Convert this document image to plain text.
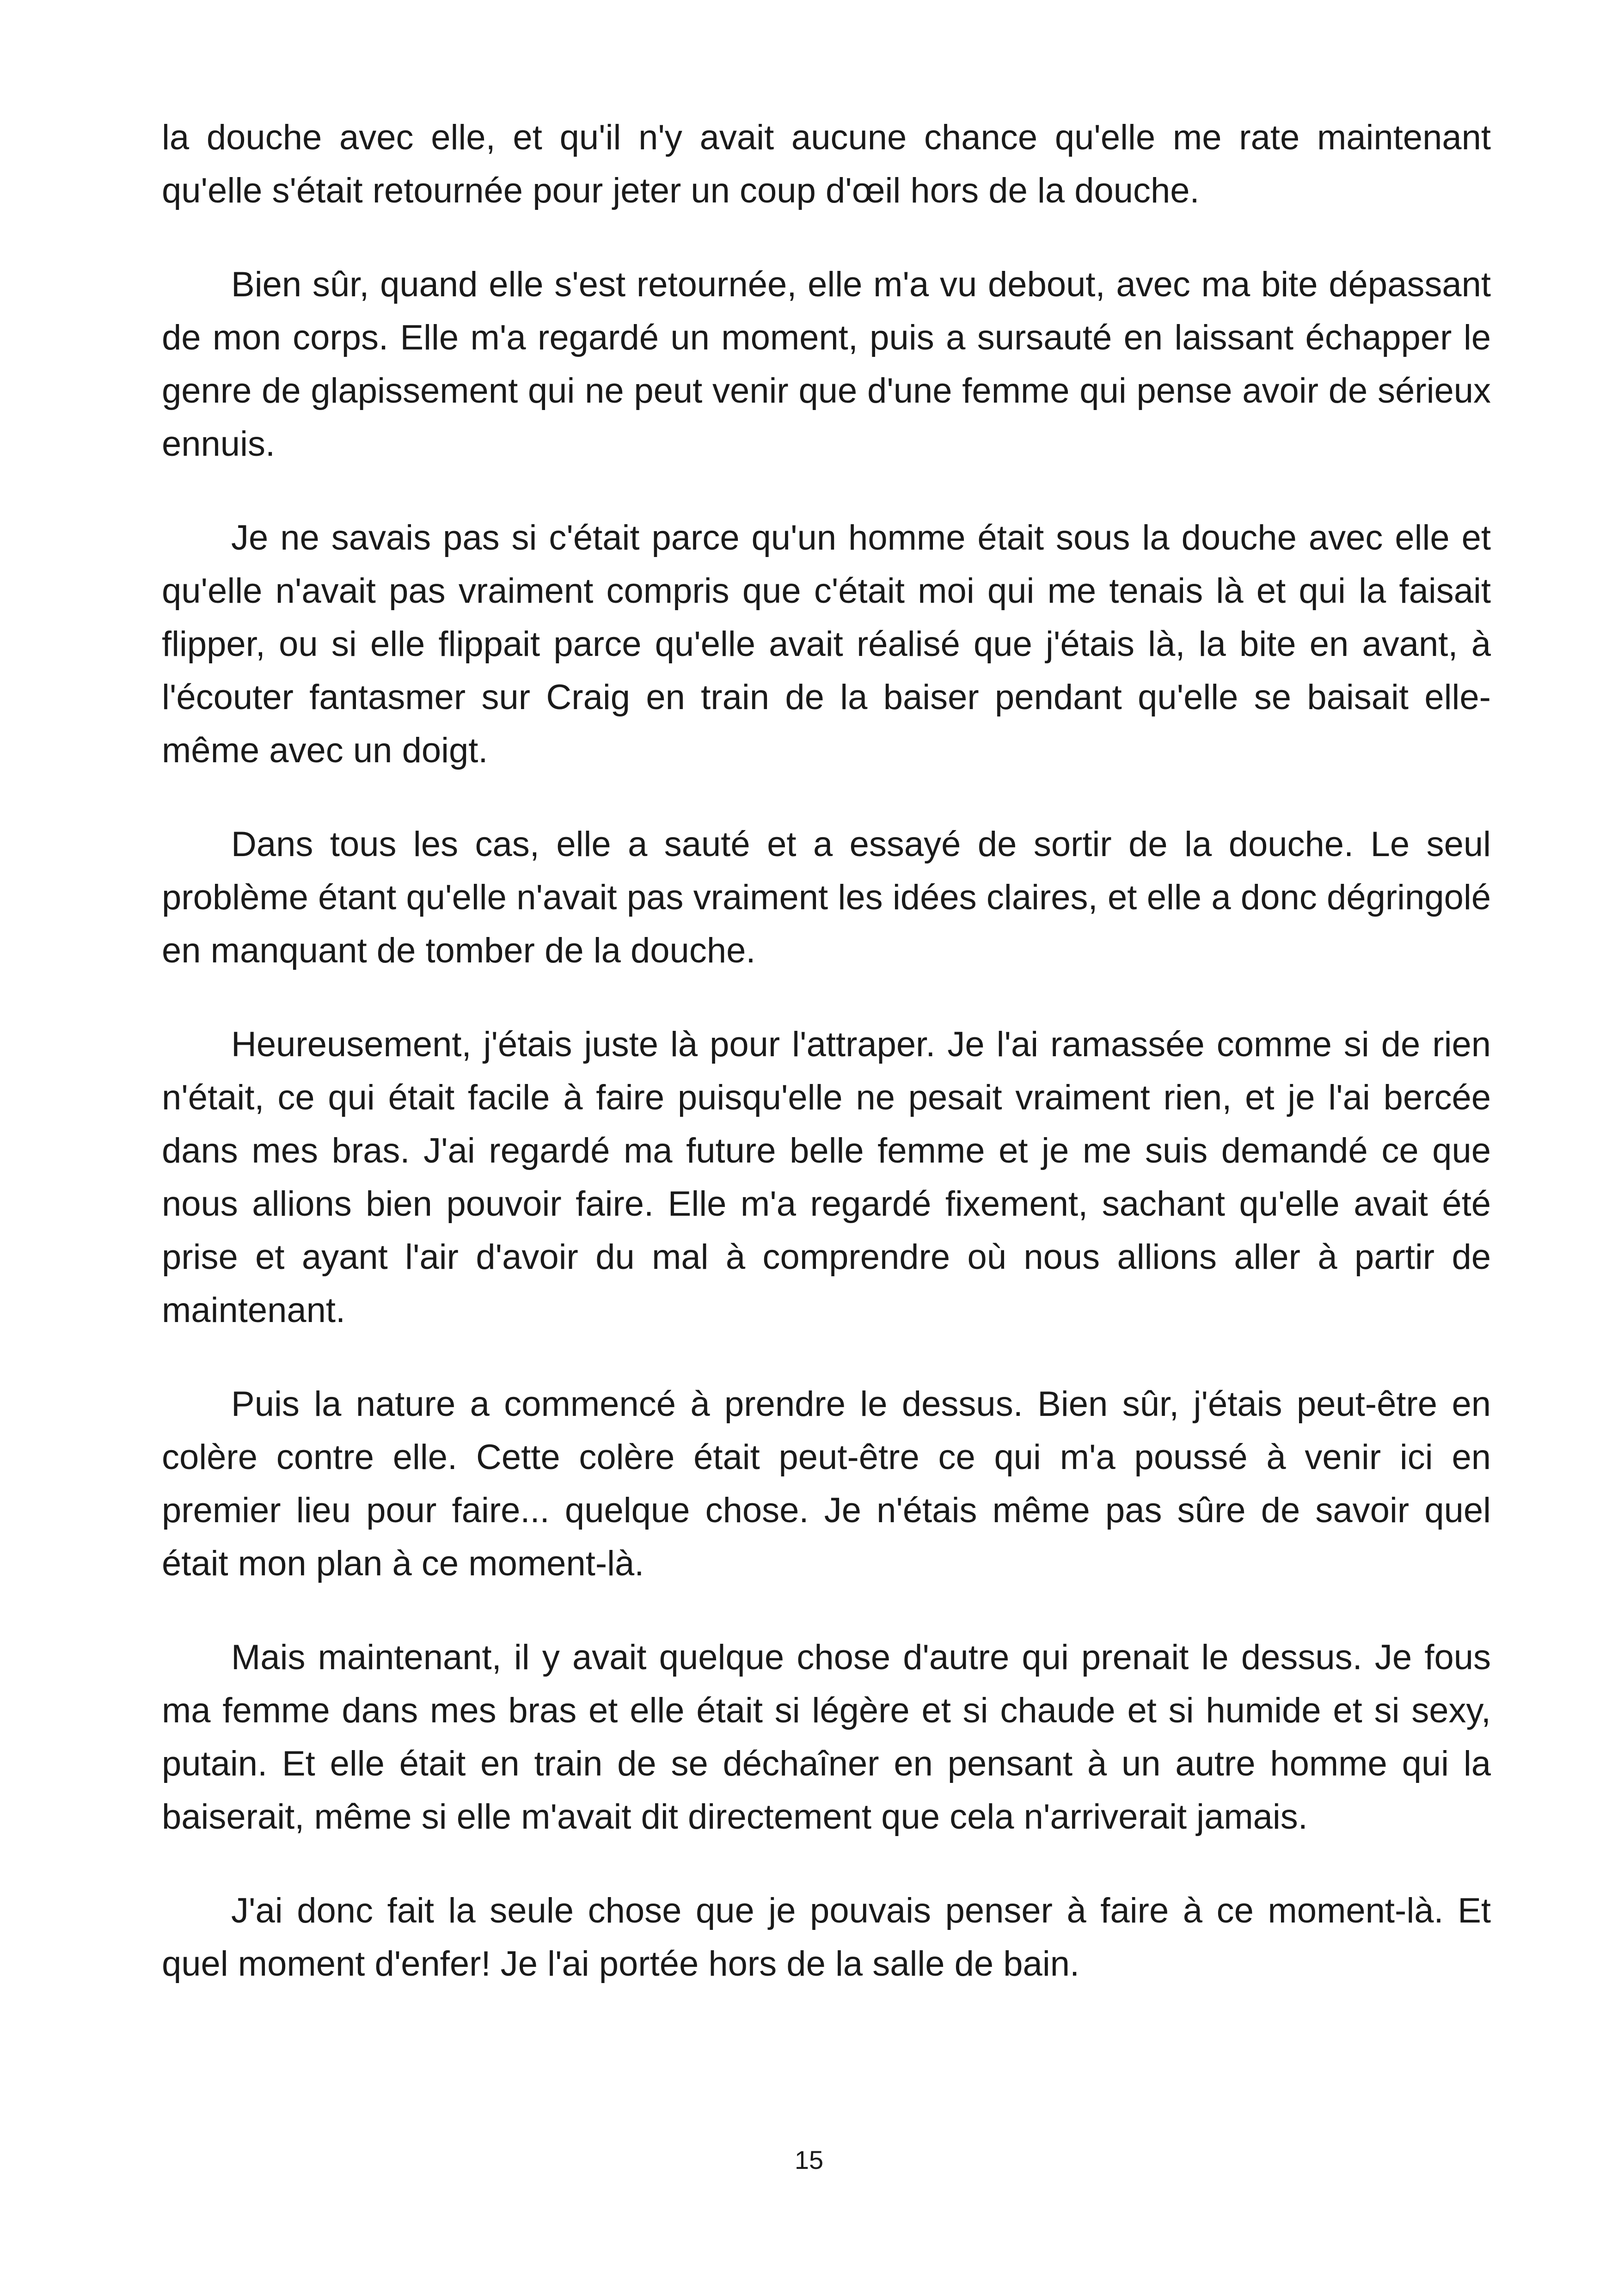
la douche avec elle, et qu'il n'y avait aucune chance qu'elle me rate maintenant qu'elle s'était retournée pour jeter un coup d'œil hors de la douche.

Bien sûr, quand elle s'est retournée, elle m'a vu debout, avec ma bite dépassant de mon corps. Elle m'a regardé un moment, puis a sursauté en laissant échapper le genre de glapissement qui ne peut venir que d'une femme qui pense avoir de sérieux ennuis.

Je ne savais pas si c'était parce qu'un homme était sous la douche avec elle et qu'elle n'avait pas vraiment compris que c'était moi qui me tenais là et qui la faisait flipper, ou si elle flippait parce qu'elle avait réalisé que j'étais là, la bite en avant, à l'écouter fantasmer sur Craig en train de la baiser pendant qu'elle se baisait elle-même avec un doigt.

Dans tous les cas, elle a sauté et a essayé de sortir de la douche. Le seul problème étant qu'elle n'avait pas vraiment les idées claires, et elle a donc dégringolé en manquant de tomber de la douche.

Heureusement, j'étais juste là pour l'attraper. Je l'ai ramassée comme si de rien n'était, ce qui était facile à faire puisqu'elle ne pesait vraiment rien, et je l'ai bercée dans mes bras. J'ai regardé ma future belle femme et je me suis demandé ce que nous allions bien pouvoir faire. Elle m'a regardé fixement, sachant qu'elle avait été prise et ayant l'air d'avoir du mal à comprendre où nous allions aller à partir de maintenant.

Puis la nature a commencé à prendre le dessus. Bien sûr, j'étais peut-être en colère contre elle. Cette colère était peut-être ce qui m'a poussé à venir ici en premier lieu pour faire... quelque chose. Je n'étais même pas sûre de savoir quel était mon plan à ce moment-là.

Mais maintenant, il y avait quelque chose d'autre qui prenait le dessus. Je fous ma femme dans mes bras et elle était si légère et si chaude et si humide et si sexy, putain. Et elle était en train de se déchaîner en pensant à un autre homme qui la baiserait, même si elle m'avait dit directement que cela n'arriverait jamais.

J'ai donc fait la seule chose que je pouvais penser à faire à ce moment-là. Et quel moment d'enfer! Je l'ai portée hors de la salle de bain.

15
